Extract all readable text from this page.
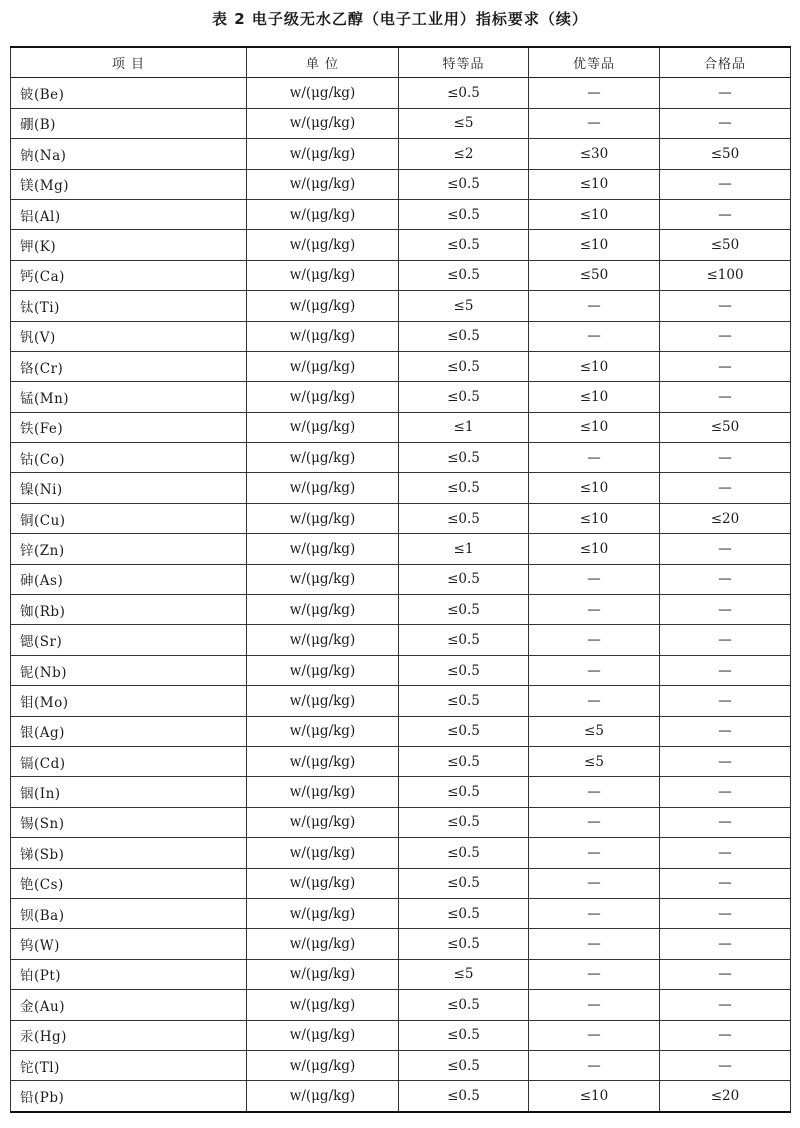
表 2 电子级无水乙醇（电子工业用）指标要求（续）
项 目	单 位	特等品	优等品	合格品
铍(Be)	w/(μg/kg)	≤0.5	—	—
硼(B)	w/(μg/kg)	≤5	—	—
钠(Na)	w/(μg/kg)	≤2	≤30	≤50
镁(Mg)	w/(μg/kg)	≤0.5	≤10	—
铝(Al)	w/(μg/kg)	≤0.5	≤10	—
钾(K)	w/(μg/kg)	≤0.5	≤10	≤50
钙(Ca)	w/(μg/kg)	≤0.5	≤50	≤100
钛(Ti)	w/(μg/kg)	≤5	—	—
钒(V)	w/(μg/kg)	≤0.5	—	—
铬(Cr)	w/(μg/kg)	≤0.5	≤10	—
锰(Mn)	w/(μg/kg)	≤0.5	≤10	—
铁(Fe)	w/(μg/kg)	≤1	≤10	≤50
钴(Co)	w/(μg/kg)	≤0.5	—	—
镍(Ni)	w/(μg/kg)	≤0.5	≤10	—
铜(Cu)	w/(μg/kg)	≤0.5	≤10	≤20
锌(Zn)	w/(μg/kg)	≤1	≤10	—
砷(As)	w/(μg/kg)	≤0.5	—	—
铷(Rb)	w/(μg/kg)	≤0.5	—	—
锶(Sr)	w/(μg/kg)	≤0.5	—	—
铌(Nb)	w/(μg/kg)	≤0.5	—	—
钼(Mo)	w/(μg/kg)	≤0.5	—	—
银(Ag)	w/(μg/kg)	≤0.5	≤5	—
镉(Cd)	w/(μg/kg)	≤0.5	≤5	—
铟(In)	w/(μg/kg)	≤0.5	—	—
锡(Sn)	w/(μg/kg)	≤0.5	—	—
锑(Sb)	w/(μg/kg)	≤0.5	—	—
铯(Cs)	w/(μg/kg)	≤0.5	—	—
钡(Ba)	w/(μg/kg)	≤0.5	—	—
钨(W)	w/(μg/kg)	≤0.5	—	—
铂(Pt)	w/(μg/kg)	≤5	—	—
金(Au)	w/(μg/kg)	≤0.5	—	—
汞(Hg)	w/(μg/kg)	≤0.5	—	—
铊(Tl)	w/(μg/kg)	≤0.5	—	—
铅(Pb)	w/(μg/kg)	≤0.5	≤10	≤20
